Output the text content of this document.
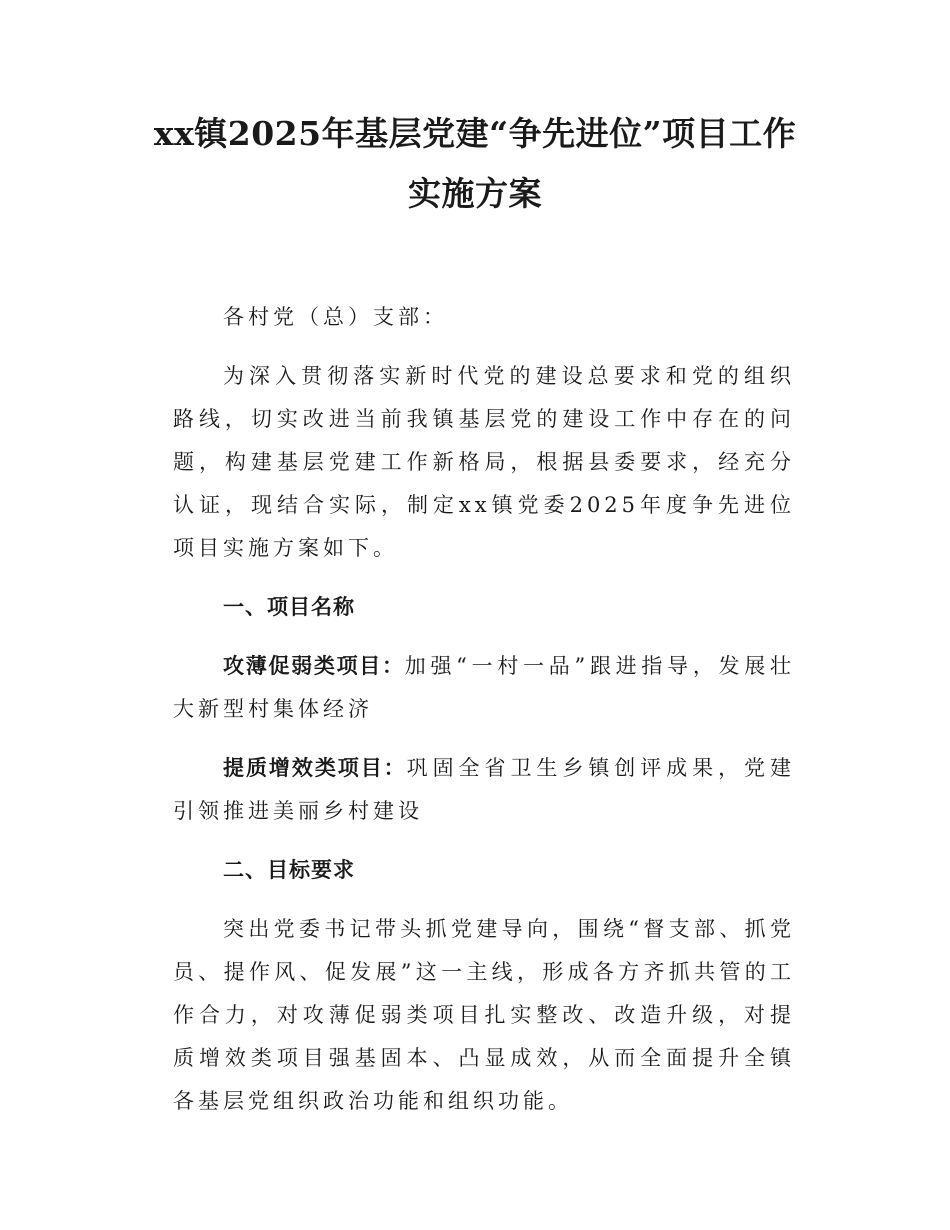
xx镇2025年基层党建“争先进位”项目工作
实施方案

各村党（总）支部：

为深入贯彻落实新时代党的建设总要求和党的组织路线，切实改进当前我镇基层党的建设工作中存在的问题，构建基层党建工作新格局，根据县委要求，经充分认证，现结合实际，制定xx镇党委2025年度争先进位项目实施方案如下。

一、项目名称

攻薄促弱类项目：加强“一村一品”跟进指导，发展壮大新型村集体经济

提质增效类项目：巩固全省卫生乡镇创评成果，党建引领推进美丽乡村建设

二、目标要求

突出党委书记带头抓党建导向，围绕“督支部、抓党员、提作风、促发展”这一主线，形成各方齐抓共管的工作合力，对攻薄促弱类项目扎实整改、改造升级，对提质增效类项目强基固本、凸显成效，从而全面提升全镇各基层党组织政治功能和组织功能。
